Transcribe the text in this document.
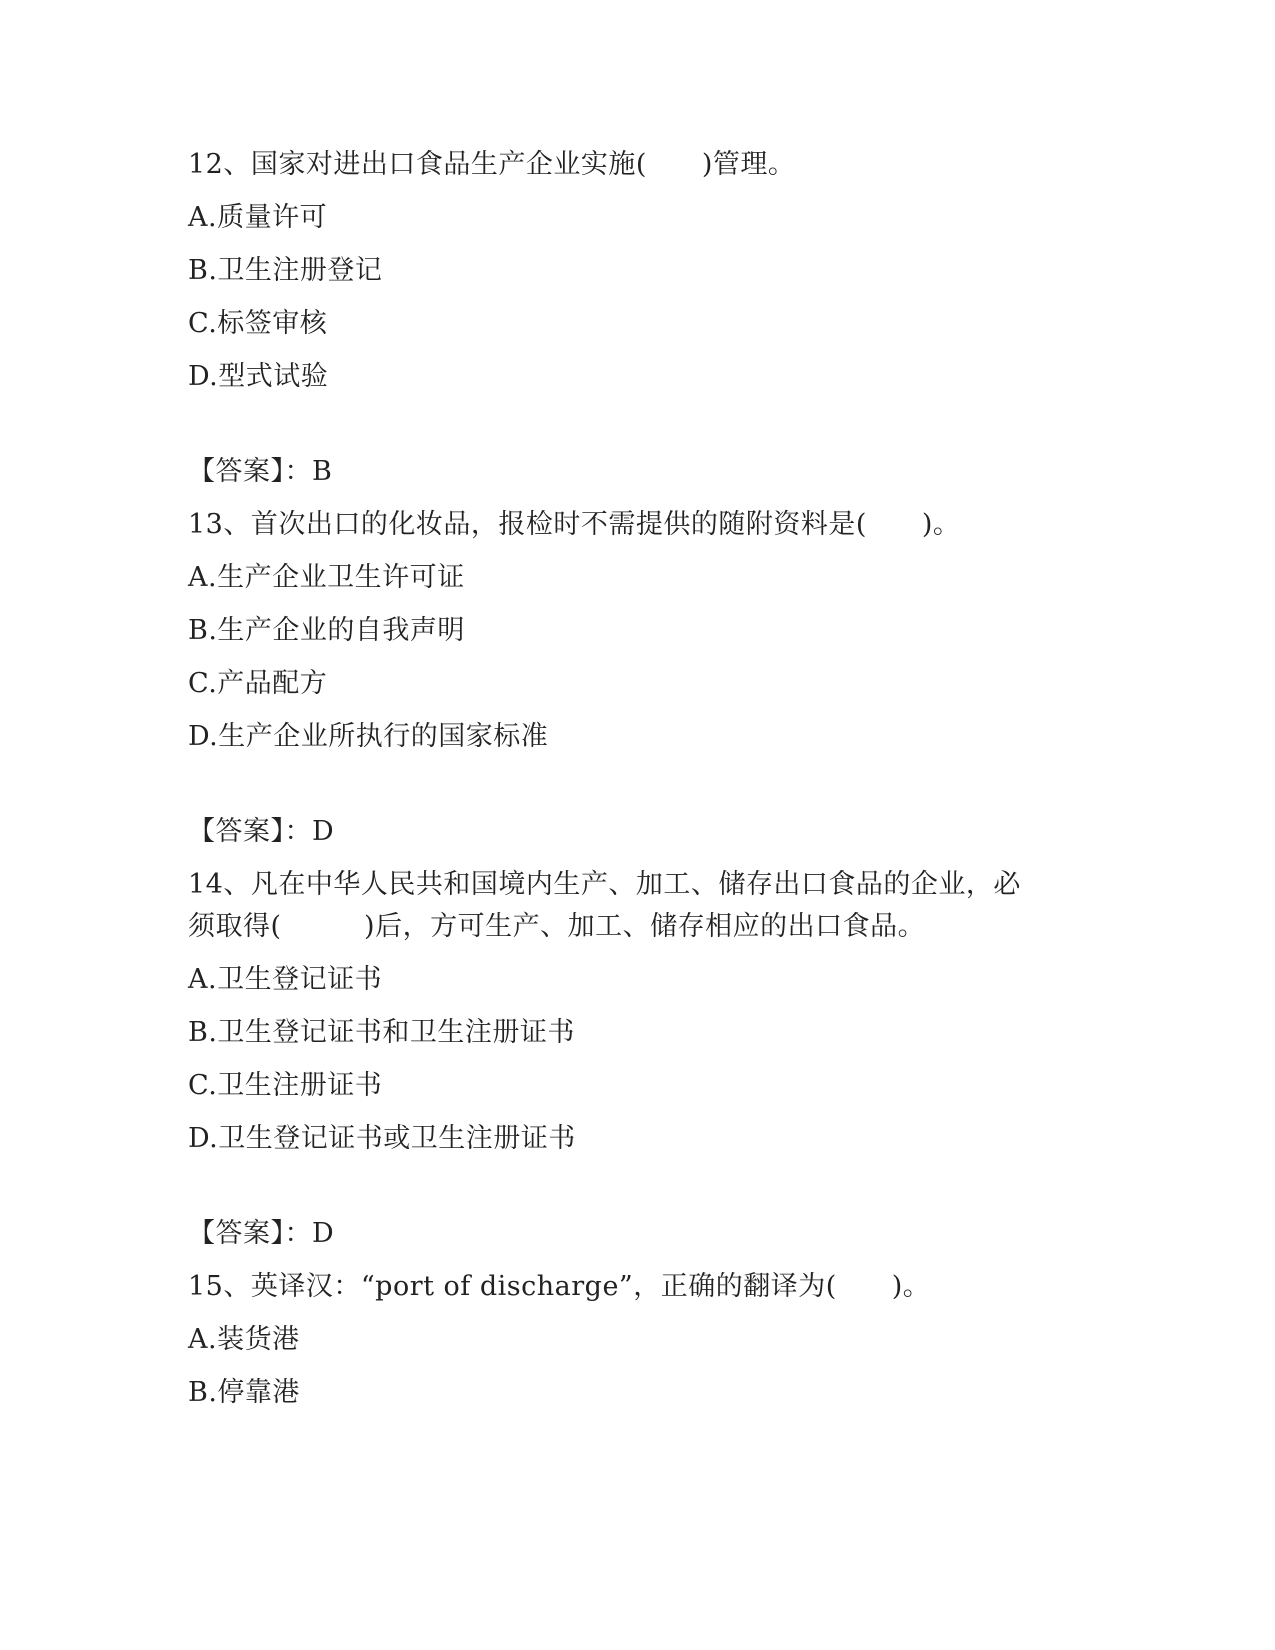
12、国家对进出口食品生产企业实施(　　)管理。
A.质量许可
B.卫生注册登记
C.标签审核
D.型式试验
【答案】：B
13、首次出口的化妆品，报检时不需提供的随附资料是(　　)。
A.生产企业卫生许可证
B.生产企业的自我声明
C.产品配方
D.生产企业所执行的国家标准
【答案】：D
14、凡在中华人民共和国境内生产、加工、储存出口食品的企业，必
须取得(　　　)后，方可生产、加工、储存相应的出口食品。
A.卫生登记证书
B.卫生登记证书和卫生注册证书
C.卫生注册证书
D.卫生登记证书或卫生注册证书
【答案】：D
15、英译汉：“port of discharge”，正确的翻译为(　　)。
A.装货港
B.停靠港
